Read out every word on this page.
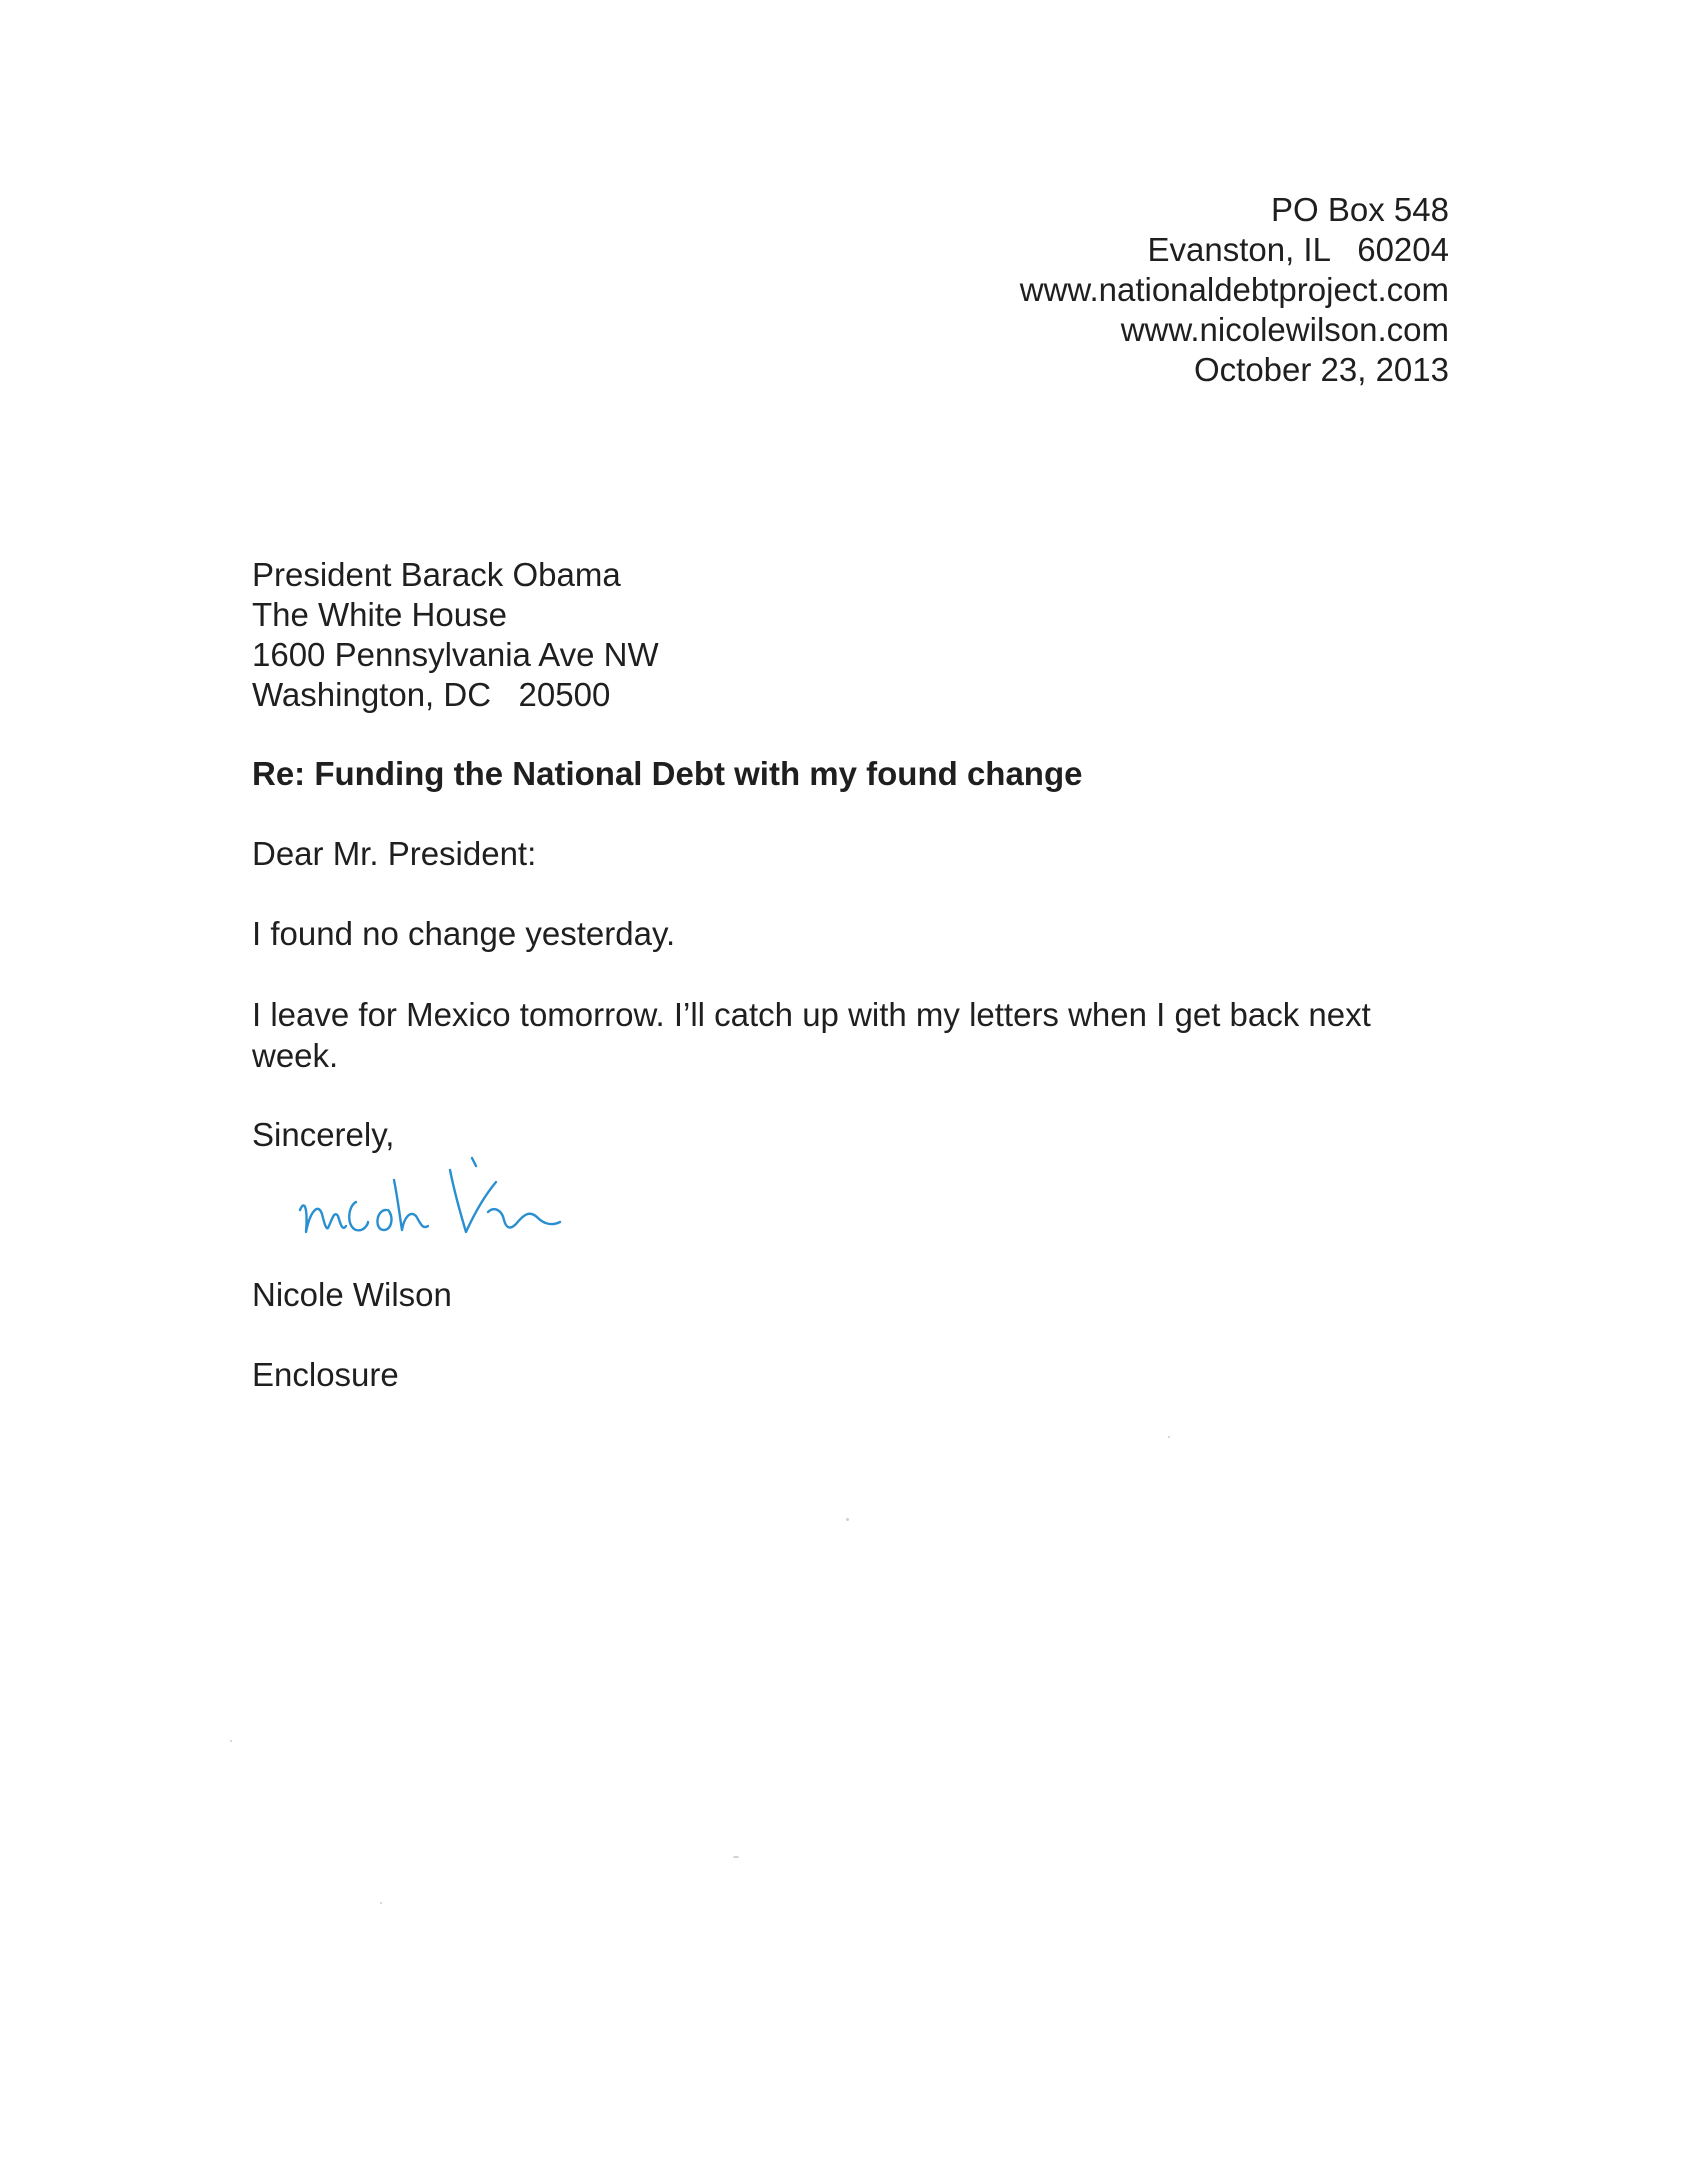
PO Box 548
Evanston, IL   60204
www.nationaldebtproject.com
www.nicolewilson.com
October 23, 2013
President Barack Obama
The White House
1600 Pennsylvania Ave NW
Washington, DC   20500
Re: Funding the National Debt with my found change
Dear Mr. President:
I found no change yesterday.
I leave for Mexico tomorrow. I’ll catch up with my letters when I get back next week.
Sincerely,
Nicole Wilson
Enclosure
